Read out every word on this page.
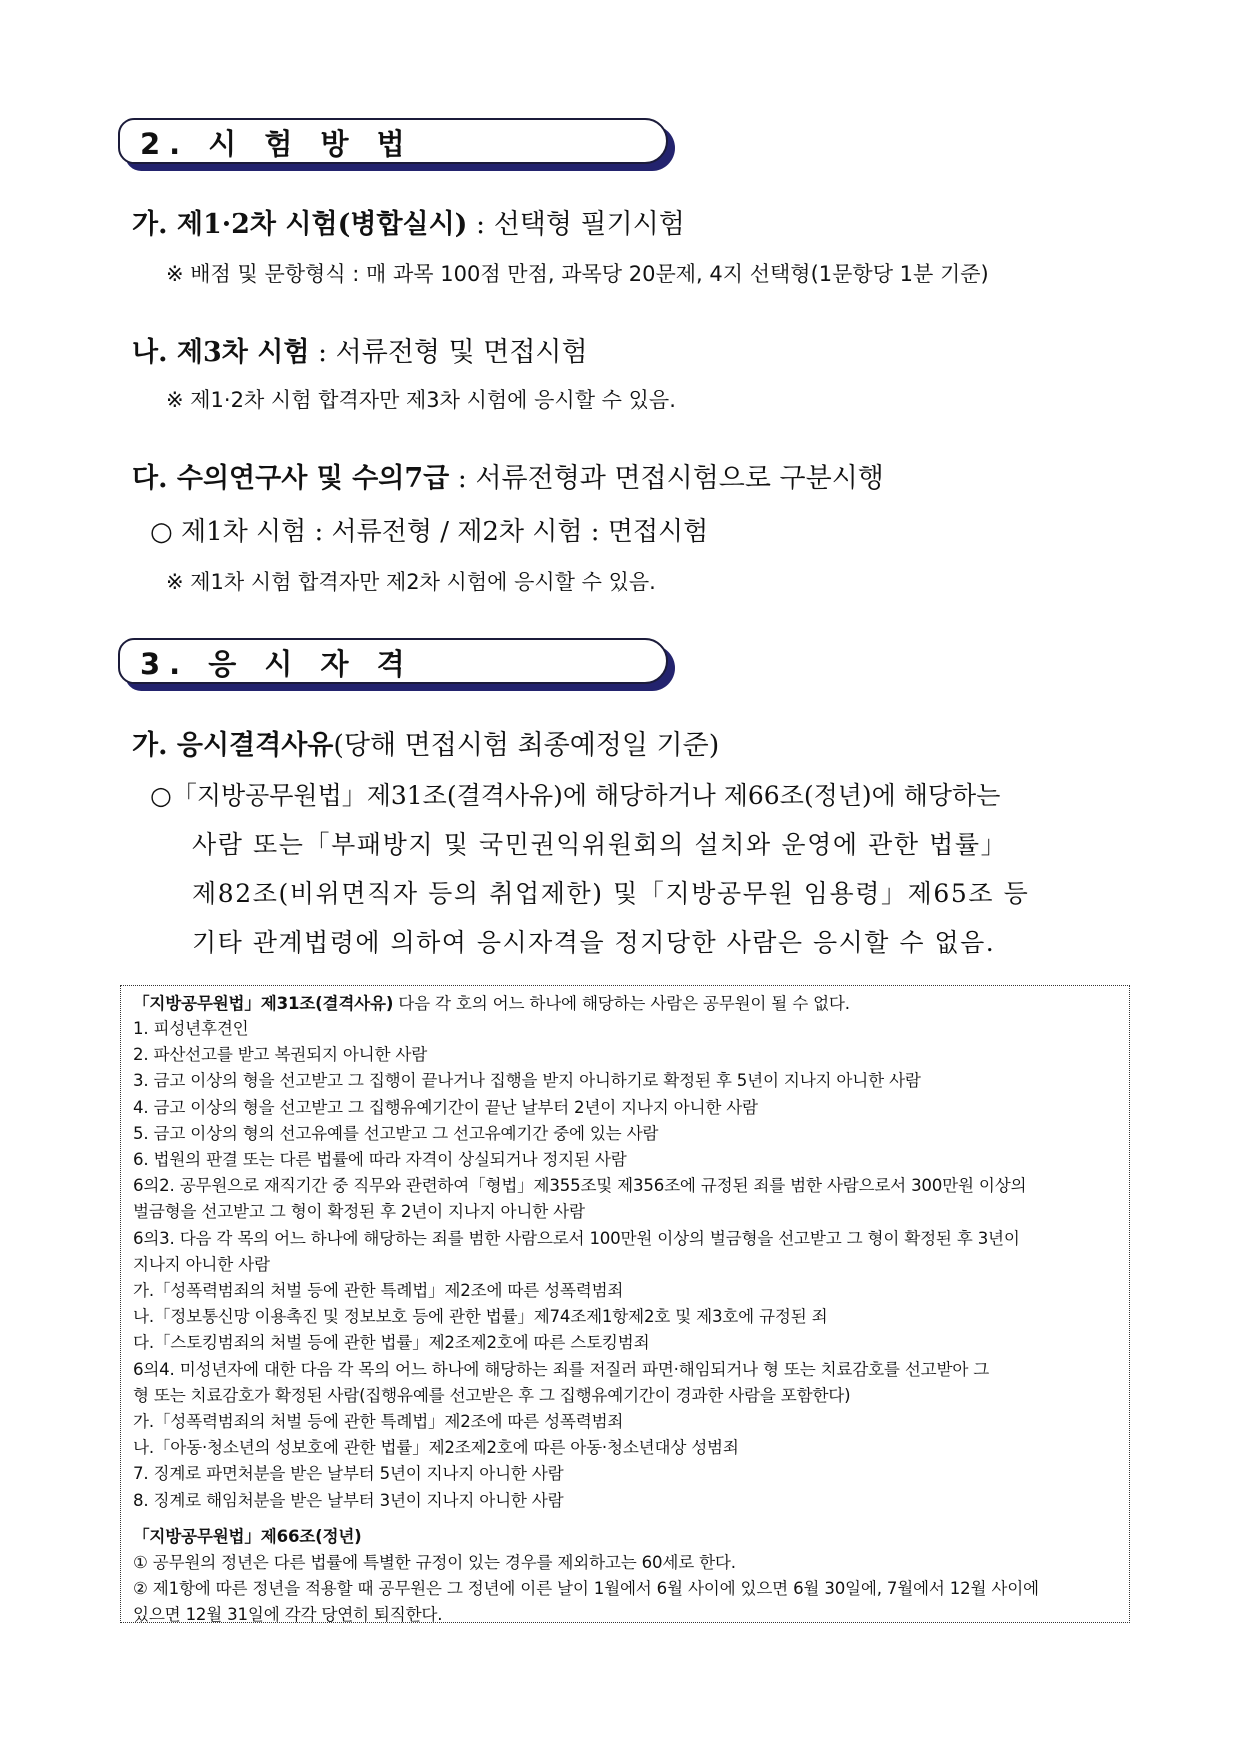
2. 시 험 방 법
가. 제1·2차 시험(병합실시) : 선택형 필기시험
※ 배점 및 문항형식 : 매 과목 100점 만점, 과목당 20문제, 4지 선택형(1문항당 1분 기준)
나. 제3차 시험 : 서류전형 및 면접시험
※ 제1·2차 시험 합격자만 제3차 시험에 응시할 수 있음.
다. 수의연구사 및 수의7급 : 서류전형과 면접시험으로 구분시행
○ 제1차 시험 : 서류전형 / 제2차 시험 : 면접시험
※ 제1차 시험 합격자만 제2차 시험에 응시할 수 있음.
3. 응 시 자 격
가. 응시결격사유(당해 면접시험 최종예정일 기준)
○「지방공무원법」제31조(결격사유)에 해당하거나 제66조(정년)에 해당하는
사람 또는「부패방지 및 국민권익위원회의 설치와 운영에 관한 법률」
제82조(비위면직자 등의 취업제한) 및「지방공무원 임용령」제65조 등
기타 관계법령에 의하여 응시자격을 정지당한 사람은 응시할 수 없음.
「지방공무원법」제31조(결격사유) 다음 각 호의 어느 하나에 해당하는 사람은 공무원이 될 수 없다.
1. 피성년후견인
2. 파산선고를 받고 복권되지 아니한 사람
3. 금고 이상의 형을 선고받고 그 집행이 끝나거나 집행을 받지 아니하기로 확정된 후 5년이 지나지 아니한 사람
4. 금고 이상의 형을 선고받고 그 집행유예기간이 끝난 날부터 2년이 지나지 아니한 사람
5. 금고 이상의 형의 선고유예를 선고받고 그 선고유예기간 중에 있는 사람
6. 법원의 판결 또는 다른 법률에 따라 자격이 상실되거나 정지된 사람
6의2. 공무원으로 재직기간 중 직무와 관련하여「형법」제355조및 제356조에 규정된 죄를 범한 사람으로서 300만원 이상의
벌금형을 선고받고 그 형이 확정된 후 2년이 지나지 아니한 사람
6의3. 다음 각 목의 어느 하나에 해당하는 죄를 범한 사람으로서 100만원 이상의 벌금형을 선고받고 그 형이 확정된 후 3년이
지나지 아니한 사람
가.「성폭력범죄의 처벌 등에 관한 특례법」제2조에 따른 성폭력범죄
나.「정보통신망 이용촉진 및 정보보호 등에 관한 법률」제74조제1항제2호 및 제3호에 규정된 죄
다.「스토킹범죄의 처벌 등에 관한 법률」제2조제2호에 따른 스토킹범죄
6의4. 미성년자에 대한 다음 각 목의 어느 하나에 해당하는 죄를 저질러 파면·해임되거나 형 또는 치료감호를 선고받아 그
형 또는 치료감호가 확정된 사람(집행유예를 선고받은 후 그 집행유예기간이 경과한 사람을 포함한다)
가.「성폭력범죄의 처벌 등에 관한 특례법」제2조에 따른 성폭력범죄
나.「아동·청소년의 성보호에 관한 법률」제2조제2호에 따른 아동·청소년대상 성범죄
7. 징계로 파면처분을 받은 날부터 5년이 지나지 아니한 사람
8. 징계로 해임처분을 받은 날부터 3년이 지나지 아니한 사람
「지방공무원법」제66조(정년)
① 공무원의 정년은 다른 법률에 특별한 규정이 있는 경우를 제외하고는 60세로 한다.
② 제1항에 따른 정년을 적용할 때 공무원은 그 정년에 이른 날이 1월에서 6월 사이에 있으면 6월 30일에, 7월에서 12월 사이에
있으면 12월 31일에 각각 당연히 퇴직한다.
